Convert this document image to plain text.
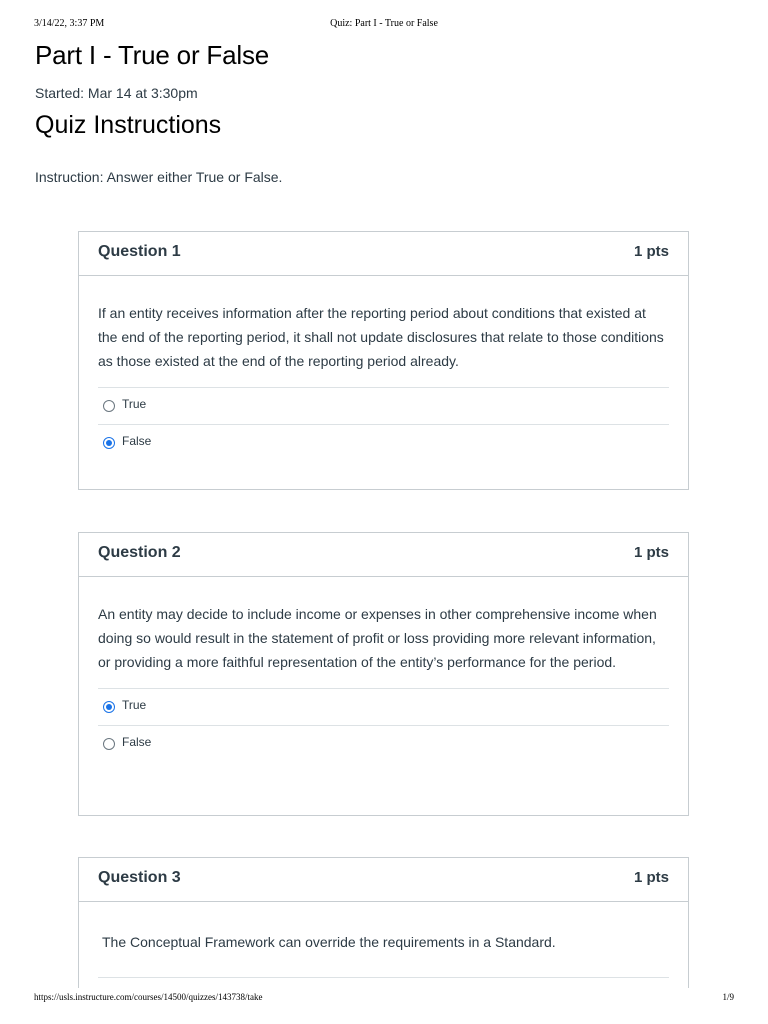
3/14/22, 3:37 PM	Quiz: Part I - True or False
Part I - True or False
Started: Mar 14 at 3:30pm
Quiz Instructions
Instruction: Answer either True or False.
Question 1	1 pts

If an entity receives information after the reporting period about conditions that existed at the end of the reporting period, it shall not update disclosures that relate to those conditions as those existed at the end of the reporting period already.

True
False
Question 2	1 pts

An entity may decide to include income or expenses in other comprehensive income when doing so would result in the statement of profit or loss providing more relevant information, or providing a more faithful representation of the entity’s performance for the period.

True
False
Question 3	1 pts

The Conceptual Framework can override the requirements in a Standard.

https://usls.instructure.com/courses/14500/quizzes/143738/take	1/9
